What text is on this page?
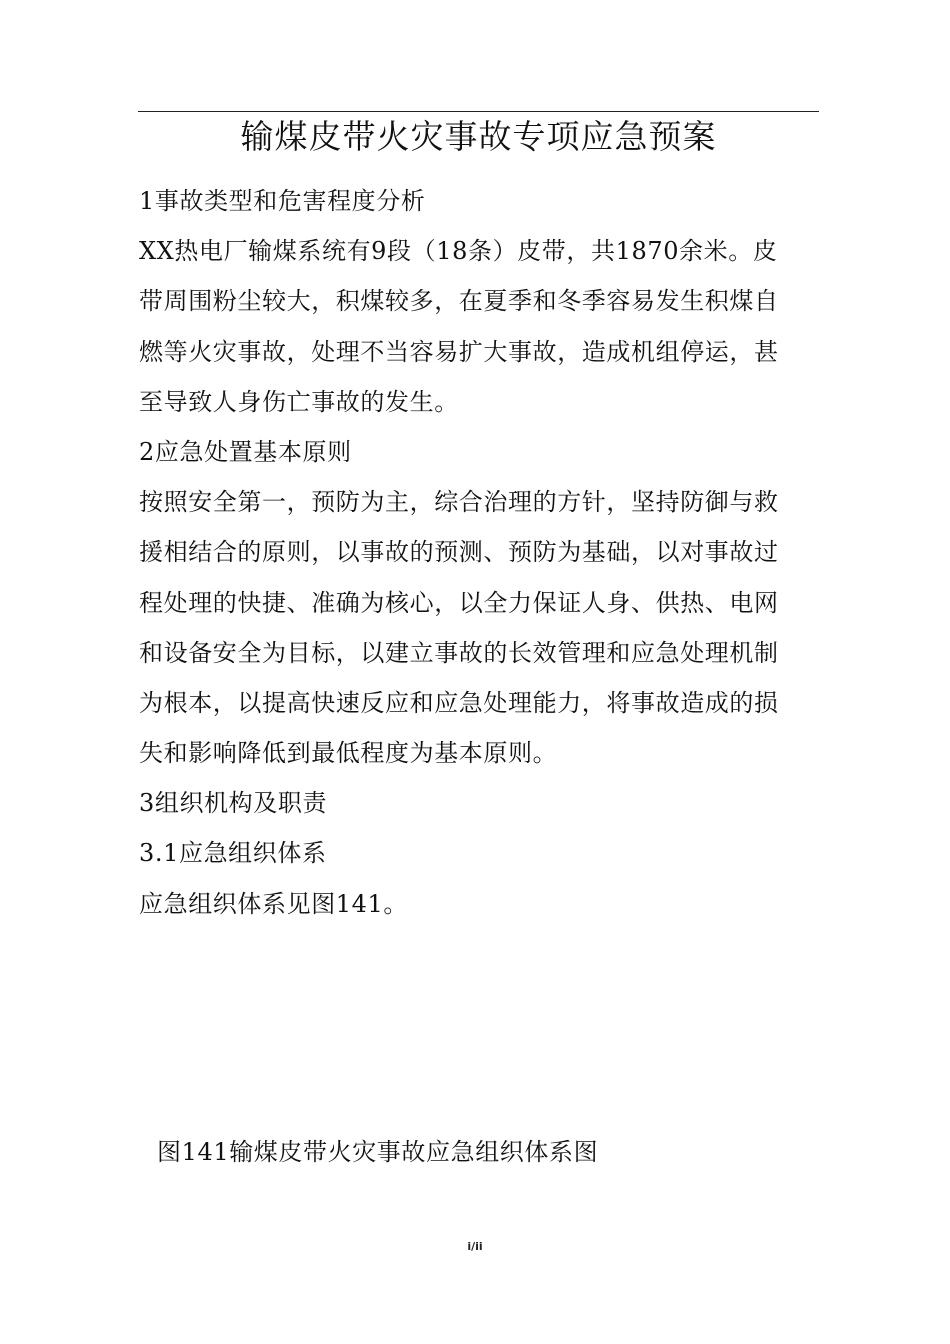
输煤皮带火灾事故专项应急预案
1事故类型和危害程度分析
XX热电厂输煤系统有9段（18条）皮带，共1870余米。皮
带周围粉尘较大，积煤较多，在夏季和冬季容易发生积煤自
燃等火灾事故，处理不当容易扩大事故，造成机组停运，甚
至导致人身伤亡事故的发生。
2应急处置基本原则
按照安全第一，预防为主，综合治理的方针，坚持防御与救
援相结合的原则，以事故的预测、预防为基础，以对事故过
程处理的快捷、准确为核心，以全力保证人身、供热、电网
和设备安全为目标，以建立事故的长效管理和应急处理机制
为根本，以提高快速反应和应急处理能力，将事故造成的损
失和影响降低到最低程度为基本原则。
3组织机构及职责
3.1应急组织体系
应急组织体系见图141。
图141输煤皮带火灾事故应急组织体系图
i/ii
